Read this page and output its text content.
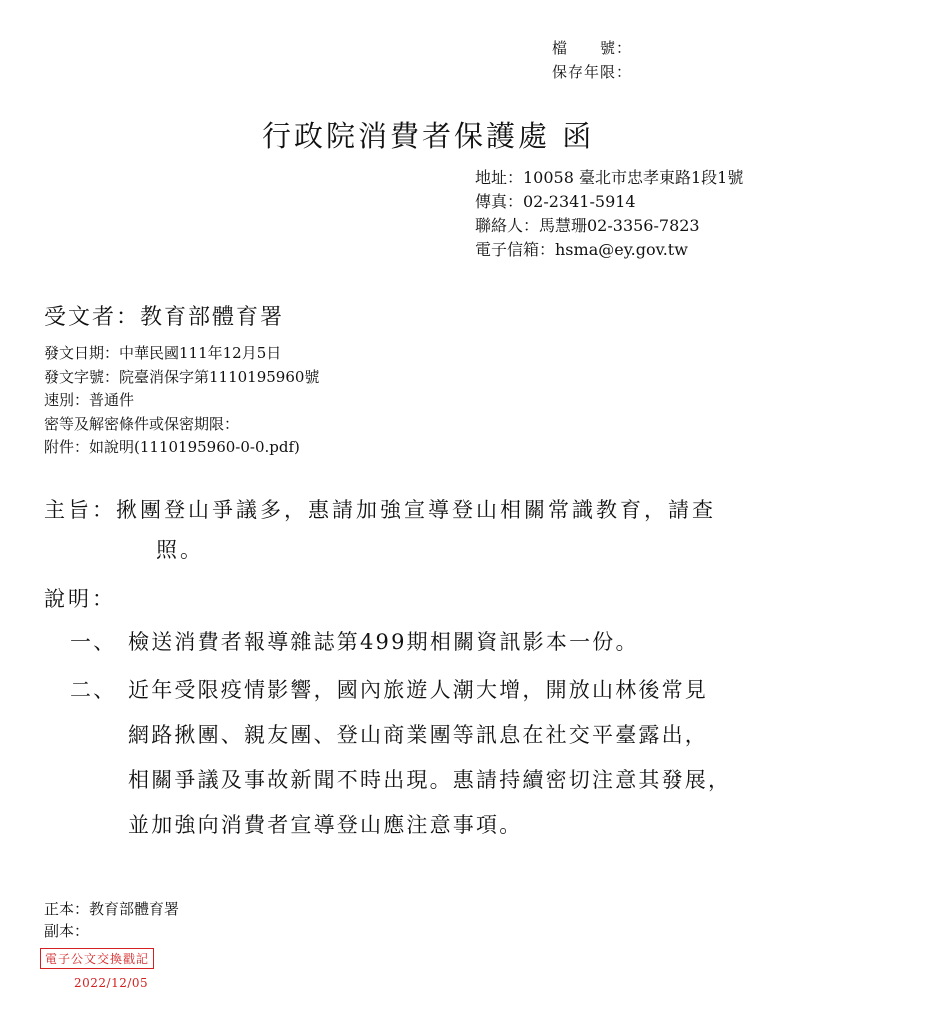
檔　　號：
保存年限：
行政院消費者保護處 函
地址：10058 臺北市忠孝東路1段1號
傳真：02-2341-5914
聯絡人：馬慧珊02-3356-7823
電子信箱：hsma@ey.gov.tw
受文者：教育部體育署
發文日期：中華民國111年12月5日
發文字號：院臺消保字第1110195960號
速別：普通件
密等及解密條件或保密期限：
附件：如說明(1110195960-0-0.pdf)
主旨：揪團登山爭議多，惠請加強宣導登山相關常識教育，請查
照。
說明：
一、 檢送消費者報導雜誌第499期相關資訊影本一份。
二、 近年受限疫情影響，國內旅遊人潮大增，開放山林後常見
網路揪團、親友團、登山商業團等訊息在社交平臺露出，
相關爭議及事故新聞不時出現。惠請持續密切注意其發展，
並加強向消費者宣導登山應注意事項。
正本：教育部體育署
副本：
電子公文交換戳記
2022/12/05
